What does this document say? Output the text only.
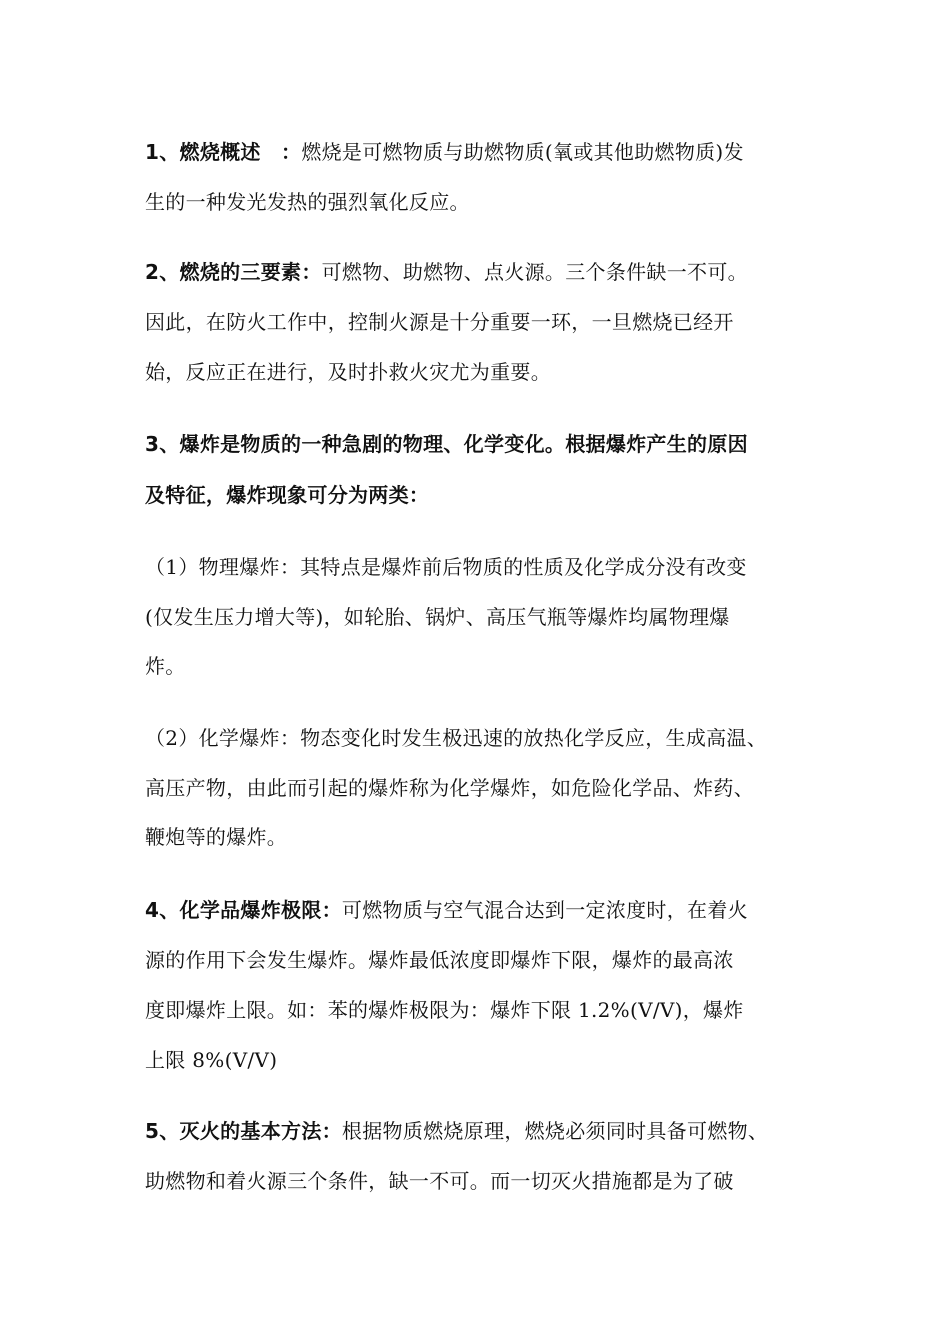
1、燃烧概述　：燃烧是可燃物质与助燃物质(氧或其他助燃物质)发
生的一种发光发热的强烈氧化反应。
2、燃烧的三要素：可燃物、助燃物、点火源。三个条件缺一不可。
因此，在防火工作中，控制火源是十分重要一环，一旦燃烧已经开
始，反应正在进行，及时扑救火灾尤为重要。
3、爆炸是物质的一种急剧的物理、化学变化。根据爆炸产生的原因
及特征，爆炸现象可分为两类：
（1）物理爆炸：其特点是爆炸前后物质的性质及化学成分没有改变
(仅发生压力增大等)，如轮胎、锅炉、高压气瓶等爆炸均属物理爆
炸。
（2）化学爆炸：物态变化时发生极迅速的放热化学反应，生成高温、
高压产物，由此而引起的爆炸称为化学爆炸，如危险化学品、炸药、
鞭炮等的爆炸。
4、化学品爆炸极限：可燃物质与空气混合达到一定浓度时，在着火
源的作用下会发生爆炸。爆炸最低浓度即爆炸下限，爆炸的最高浓
度即爆炸上限。如：苯的爆炸极限为：爆炸下限 1.2%(V/V)，爆炸
上限 8%(V/V)
5、灭火的基本方法：根据物质燃烧原理，燃烧必须同时具备可燃物、
助燃物和着火源三个条件，缺一不可。而一切灭火措施都是为了破
